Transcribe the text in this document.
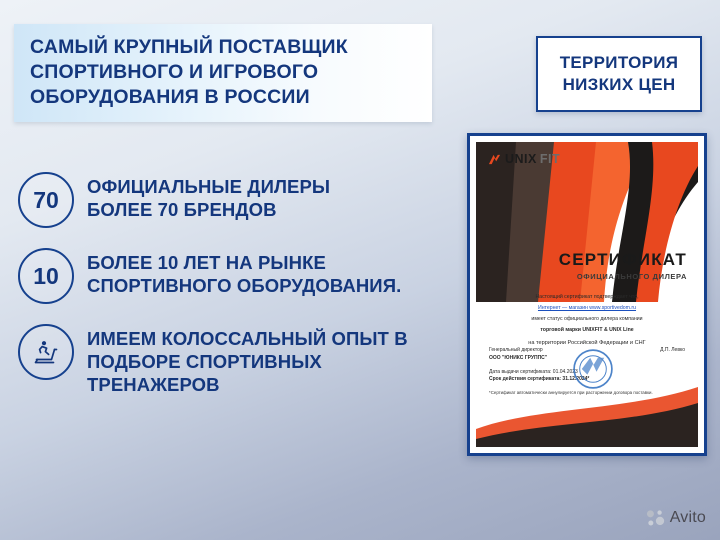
САМЫЙ КРУПНЫЙ ПОСТАВЩИК
СПОРТИВНОГО И ИГРОВОГО
ОБОРУДОВАНИЯ В РОССИИ
ТЕРРИТОРИЯ
НИЗКИХ ЦЕН
70	ОФИЦИАЛЬНЫЕ ДИЛЕРЫ
БОЛЕЕ 70 БРЕНДОВ
10	БОЛЕЕ 10 ЛЕТ НА РЫНКЕ
СПОРТИВНОГО ОБОРУДОВАНИЯ.
ИМЕЕМ КОЛОССАЛЬНЫЙ ОПЫТ В
ПОДБОРЕ СПОРТИВНЫХ
ТРЕНАЖЕРОВ
UNIX FIT
СЕРТИФИКАТ
ОФИЦИАЛЬНОГО ДИЛЕРА

Настоящий сертификат подтверждает что,

Интернет — магазин www.sportivedom.ru

имеет статус официального дилера компании

торговой марки UNIXFIT & UNIX Line

на территории Российской Федерации и СНГ

Генеральный директор
ООО "ЮНИКС ГРУППС"
Д.П. Левко
Дата выдачи сертификата: 01.04.2023
Срок действия сертификата: 31.12.2024*
*Сертификат автоматически аннулируется при расторжении договора поставки.
Avito
